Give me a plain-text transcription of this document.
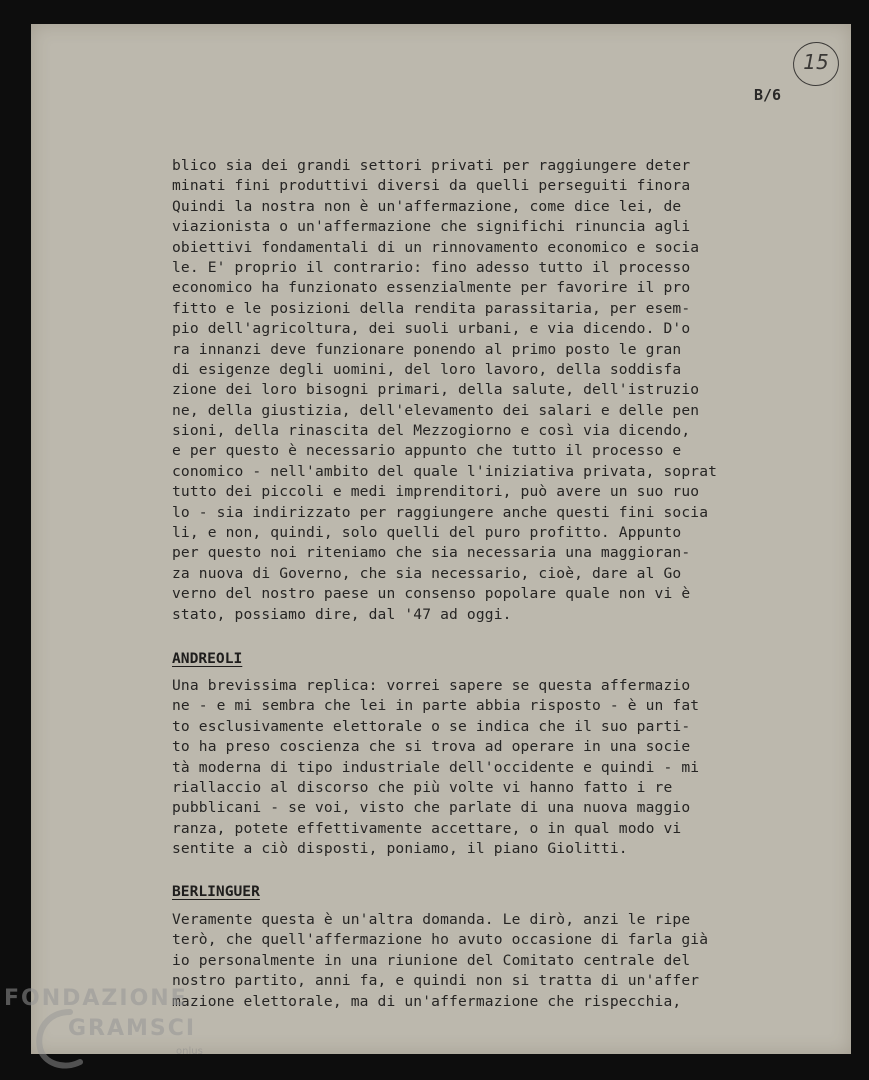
15
B/6
blico sia dei grandi settori privati per raggiungere deter
minati fini produttivi diversi da quelli perseguiti finora
Quindi la nostra non è un'affermazione, come dice lei, de
viazionista o un'affermazione che significhi rinuncia agli
obiettivi fondamentali di un rinnovamento economico e socia
le. E' proprio il contrario: fino adesso tutto il processo
economico ha funzionato essenzialmente per favorire il pro
fitto e le posizioni della rendita parassitaria, per esem-
pio dell'agricoltura, dei suoli urbani, e via dicendo. D'o
ra innanzi deve funzionare ponendo al primo posto le gran
di esigenze degli uomini, del loro lavoro, della soddisfa
zione dei loro bisogni primari, della salute, dell'istruzio
ne, della giustizia, dell'elevamento dei salari e delle pen
sioni, della rinascita del Mezzogiorno e così via dicendo,
e per questo è necessario appunto che tutto il processo e
conomico - nell'ambito del quale l'iniziativa privata, soprat
tutto dei piccoli e medi imprenditori, può avere un suo ruo
lo - sia indirizzato per raggiungere anche questi fini socia
li, e non, quindi, solo quelli del puro profitto. Appunto
per questo noi riteniamo che sia necessaria una maggioran-
za nuova di Governo, che sia necessario, cioè, dare al Go
verno del nostro paese un consenso popolare quale non vi è
stato, possiamo dire, dal '47 ad oggi.
ANDREOLI
Una brevissima replica: vorrei sapere se questa affermazio
ne - e mi sembra che lei in parte abbia risposto - è un fat
to esclusivamente elettorale o se indica che il suo parti-
to ha preso coscienza che si trova ad operare in una socie
tà moderna di tipo industriale dell'occidente e quindi - mi
riallaccio al discorso che più volte vi hanno fatto i re
pubblicani - se voi, visto che parlate di una nuova maggio
ranza, potete effettivamente accettare, o in qual modo vi
sentite a ciò disposti, poniamo, il piano Giolitti.
BERLINGUER
Veramente questa è un'altra domanda. Le dirò, anzi le ripe
terò, che quell'affermazione ho avuto occasione di farla già
io personalmente in una riunione del Comitato centrale del
nostro partito, anni fa, e quindi non si tratta di un'affer
mazione elettorale, ma di un'affermazione che rispecchia,
FONDAZIONE
GRAMSCI
onlus
